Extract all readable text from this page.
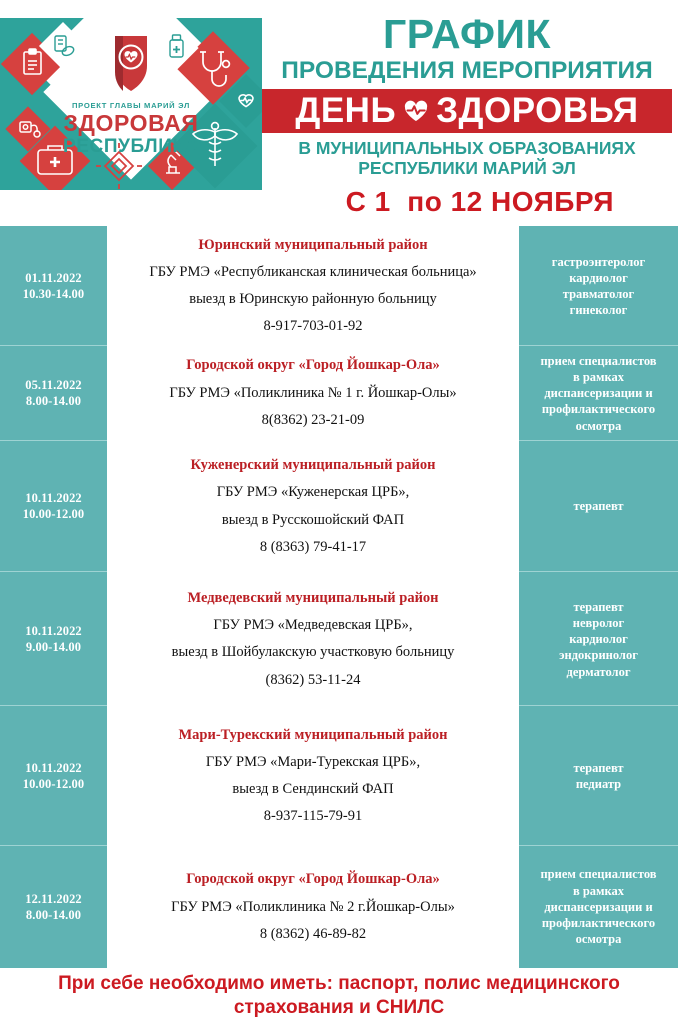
ПРОЕКТ ГЛАВЫ МАРИЙ ЭЛ
ЗДОРОВАЯ
РЕСПУБЛИКА
ГРАФИК
ПРОВЕДЕНИЯ МЕРОПРИЯТИЯ
ДЕНЬ ЗДОРОВЬЯ
В МУНИЦИПАЛЬНЫХ ОБРАЗОВАНИЯХ
РЕСПУБЛИКИ МАРИЙ ЭЛ
С 1  по 12 НОЯБРЯ
01.11.2022
10.30-14.00
Юринский муниципальный район
ГБУ РМЭ «Республиканская клиническая больница»
выезд в Юринскую районную больницу
8-917-703-01-92
гастроэнтеролог
кардиолог
травматолог
гинеколог
05.11.2022
8.00-14.00
Городской округ «Город Йошкар-Ола»
ГБУ РМЭ «Поликлиника № 1 г. Йошкар-Олы»
8(8362) 23-21-09
прием специалистов
в рамках
диспансеризации и
профилактического
осмотра
10.11.2022
10.00-12.00
Куженерский муниципальный район
ГБУ РМЭ «Куженерская ЦРБ»,
выезд в Русскошойский ФАП
8 (8363) 79-41-17
терапевт
10.11.2022
9.00-14.00
Медведевский муниципальный район
ГБУ РМЭ «Медведевская ЦРБ»,
выезд в Шойбулакскую участковую больницу
(8362) 53-11-24
терапевт
невролог
кардиолог
эндокринолог
дерматолог
10.11.2022
10.00-12.00
Мари-Турекский муниципальный район
ГБУ РМЭ «Мари-Турекская ЦРБ»,
выезд в Сендинский ФАП
8-937-115-79-91
терапевт
педиатр
12.11.2022
8.00-14.00
Городской округ «Город Йошкар-Ола»
ГБУ РМЭ «Поликлиника № 2 г.Йошкар-Олы»
8 (8362) 46-89-82
прием специалистов
в рамках
диспансеризации и
профилактического
осмотра
При себе необходимо иметь: паспорт, полис медицинского
страхования и СНИЛС
